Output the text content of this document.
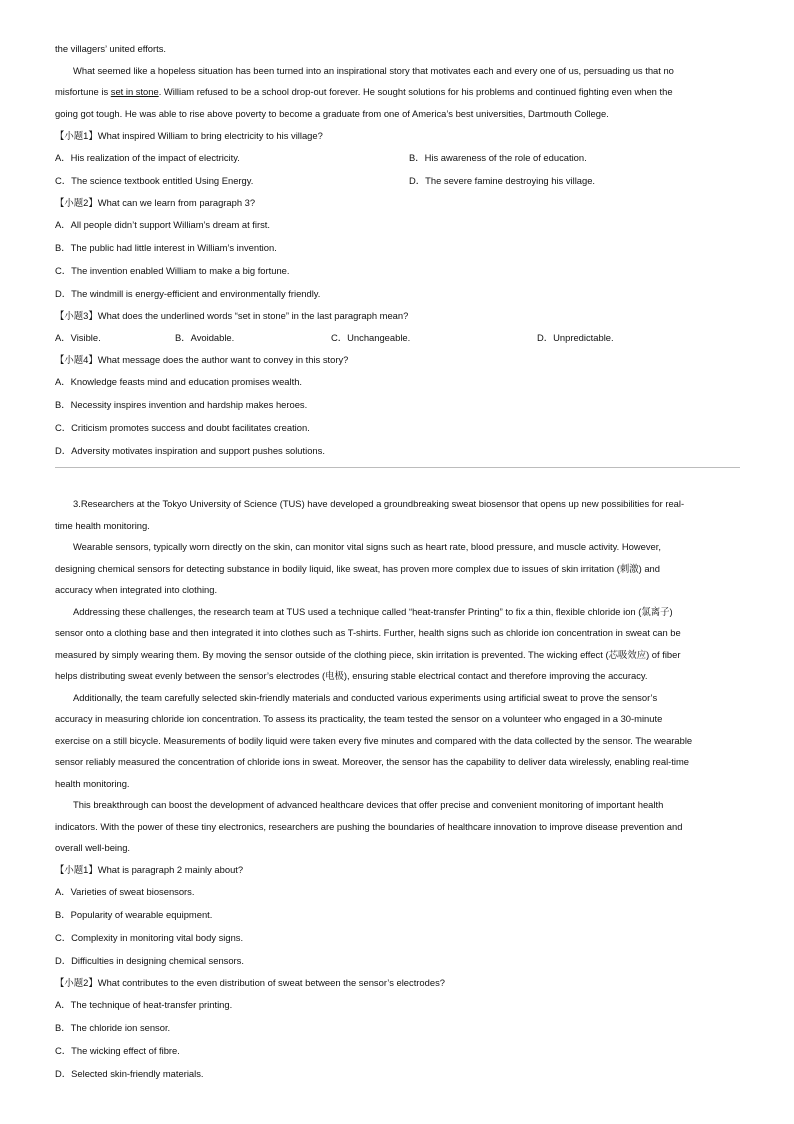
the villagers’ united efforts.
What seemed like a hopeless situation has been turned into an inspirational story that motivates each and every one of us, persuading us that no
misfortune is set in stone. William refused to be a school drop-out forever. He sought solutions for his problems and continued fighting even when the
going got tough. He was able to rise above poverty to become a graduate from one of America’s best universities, Dartmouth College.
【小题1】What inspired William to bring electricity to his village?
A．His realization of the impact of electricity.	B．His awareness of the role of education.
C．The science textbook entitled Using Energy.	D．The severe famine destroying his village.
【小题2】What can we learn from paragraph 3?
A．All people didn’t support William’s dream at first.
B．The public had little interest in William’s invention.
C．The invention enabled William to make a big fortune.
D．The windmill is energy-efficient and environmentally friendly.
【小题3】What does the underlined words “set in stone” in the last paragraph mean?
A．Visible.	B．Avoidable.	C．Unchangeable.	D．Unpredictable.
【小题4】What message does the author want to convey in this story?
A．Knowledge feasts mind and education promises wealth.
B．Necessity inspires invention and hardship makes heroes.
C．Criticism promotes success and doubt facilitates creation.
D．Adversity motivates inspiration and support pushes solutions.
3.Researchers at the Tokyo University of Science (TUS) have developed a groundbreaking sweat biosensor that opens up new possibilities for real-
time health monitoring.
Wearable sensors, typically worn directly on the skin, can monitor vital signs such as heart rate, blood pressure, and muscle activity. However,
designing chemical sensors for detecting substance in bodily liquid, like sweat, has proven more complex due to issues of skin irritation (刺激) and
accuracy when integrated into clothing.
Addressing these challenges, the research team at TUS used a technique called “heat-transfer Printing” to fix a thin, flexible chloride ion (氯离子)
sensor onto a clothing base and then integrated it into clothes such as T-shirts. Further, health signs such as chloride ion concentration in sweat can be
measured by simply wearing them. By moving the sensor outside of the clothing piece, skin irritation is prevented. The wicking effect (芯吸效应) of fiber
helps distributing sweat evenly between the sensor’s electrodes (电极), ensuring stable electrical contact and therefore improving the accuracy.
Additionally, the team carefully selected skin-friendly materials and conducted various experiments using artificial sweat to prove the sensor’s
accuracy in measuring chloride ion concentration. To assess its practicality, the team tested the sensor on a volunteer who engaged in a 30-minute
exercise on a still bicycle. Measurements of bodily liquid were taken every five minutes and compared with the data collected by the sensor. The wearable
sensor reliably measured the concentration of chloride ions in sweat. Moreover, the sensor has the capability to deliver data wirelessly, enabling real-time
health monitoring.
This breakthrough can boost the development of advanced healthcare devices that offer precise and convenient monitoring of important health
indicators. With the power of these tiny electronics, researchers are pushing the boundaries of healthcare innovation to improve disease prevention and
overall well-being.
【小题1】What is paragraph 2 mainly about?
A．Varieties of sweat biosensors.
B．Popularity of wearable equipment.
C．Complexity in monitoring vital body signs.
D．Difficulties in designing chemical sensors.
【小题2】What contributes to the even distribution of sweat between the sensor’s electrodes?
A．The technique of heat-transfer printing.
B．The chloride ion sensor.
C．The wicking effect of fibre.
D．Selected skin-friendly materials.
